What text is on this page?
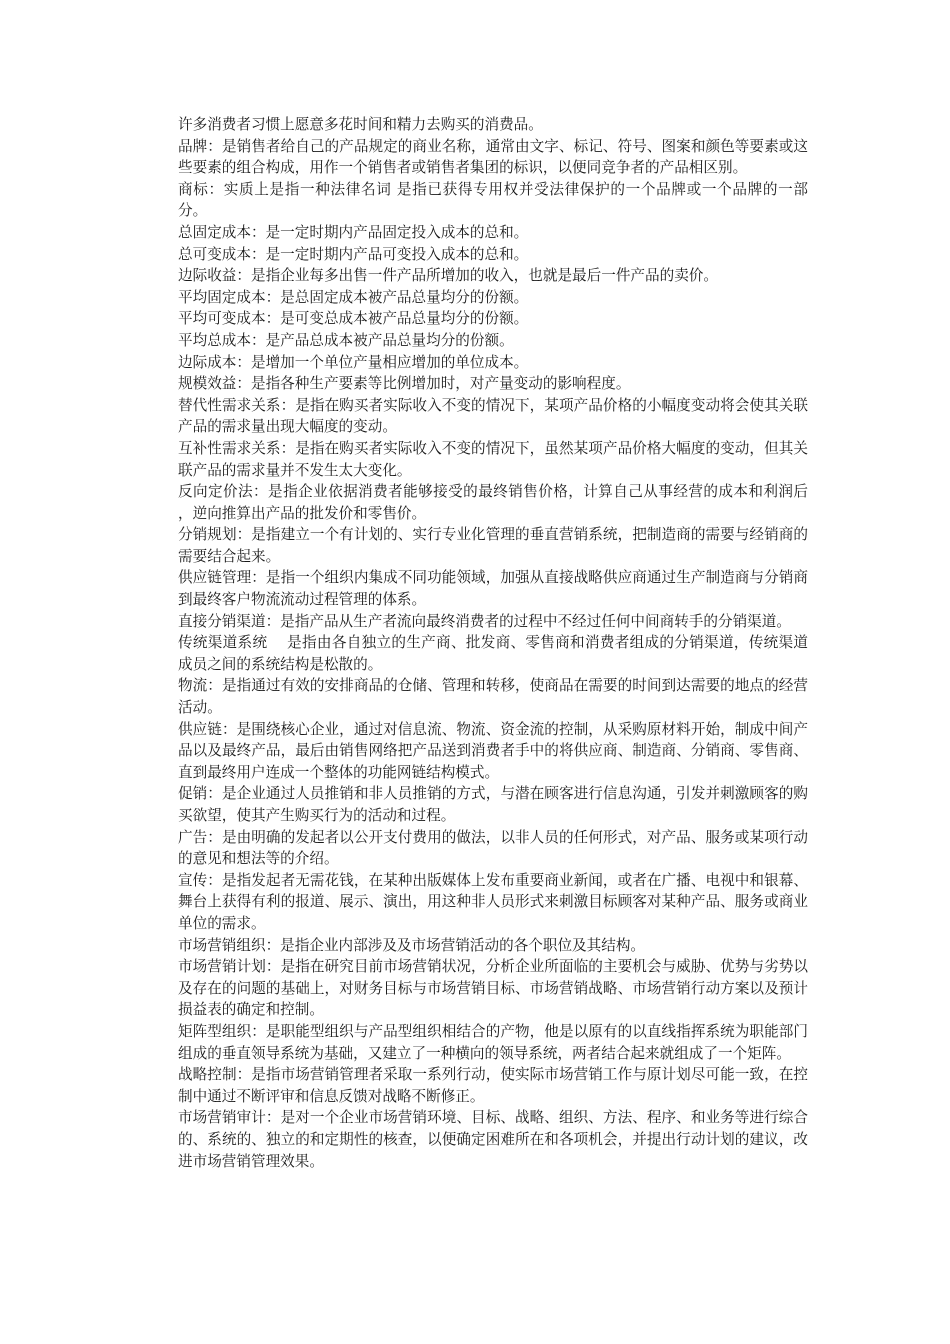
许多消费者习惯上愿意多花时间和精力去购买的消费品。

品牌：是销售者给自己的产品规定的商业名称，通常由文字、标记、符号、图案和颜色等要素或这些要素的组合构成，用作一个销售者或销售者集团的标识，以便同竞争者的产品相区别。

商标：实质上是指一种法律名词 是指已获得专用权并受法律保护的一个品牌或一个品牌的一部分。

总固定成本：是一定时期内产品固定投入成本的总和。

总可变成本：是一定时期内产品可变投入成本的总和。

边际收益：是指企业每多出售一件产品所增加的收入，也就是最后一件产品的卖价。

平均固定成本：是总固定成本被产品总量均分的份额。

平均可变成本：是可变总成本被产品总量均分的份额。

平均总成本：是产品总成本被产品总量均分的份额。

边际成本：是增加一个单位产量相应增加的单位成本。

规模效益：是指各种生产要素等比例增加时，对产量变动的影响程度。

替代性需求关系：是指在购买者实际收入不变的情况下，某项产品价格的小幅度变动将会使其关联产品的需求量出现大幅度的变动。

互补性需求关系：是指在购买者实际收入不变的情况下，虽然某项产品价格大幅度的变动，但其关联产品的需求量并不发生太大变化。

反向定价法：是指企业依据消费者能够接受的最终销售价格，计算自己从事经营的成本和利润后 ，逆向推算出产品的批发价和零售价。

分销规划：是指建立一个有计划的、实行专业化管理的垂直营销系统，把制造商的需要与经销商的需要结合起来。

供应链管理：是指一个组织内集成不同功能领域，加强从直接战略供应商通过生产制造商与分销商到最终客户物流流动过程管理的体系。

直接分销渠道：是指产品从生产者流向最终消费者的过程中不经过任何中间商转手的分销渠道。

传统渠道系统　 是指由各自独立的生产商、批发商、零售商和消费者组成的分销渠道，传统渠道成员之间的系统结构是松散的。

物流：是指通过有效的安排商品的仓储、管理和转移，使商品在需要的时间到达需要的地点的经营活动。

供应链：是围绕核心企业，通过对信息流、物流、资金流的控制，从采购原材料开始，制成中间产品以及最终产品，最后由销售网络把产品送到消费者手中的将供应商、制造商、分销商、零售商、直到最终用户连成一个整体的功能网链结构模式。

促销：是企业通过人员推销和非人员推销的方式，与潜在顾客进行信息沟通，引发并刺激顾客的购买欲望，使其产生购买行为的活动和过程。

广告：是由明确的发起者以公开支付费用的做法，以非人员的任何形式，对产品、服务或某项行动的意见和想法等的介绍。

宣传：是指发起者无需花钱，在某种出版媒体上发布重要商业新闻，或者在广播、电视中和银幕、舞台上获得有利的报道、展示、演出，用这种非人员形式来刺激目标顾客对某种产品、服务或商业单位的需求。

市场营销组织：是指企业内部涉及及市场营销活动的各个职位及其结构。

市场营销计划：是指在研究目前市场营销状况，分析企业所面临的主要机会与威胁、优势与劣势以及存在的问题的基础上，对财务目标与市场营销目标、市场营销战略、市场营销行动方案以及预计损益表的确定和控制。

矩阵型组织：是职能型组织与产品型组织相结合的产物，他是以原有的以直线指挥系统为职能部门组成的垂直领导系统为基础，又建立了一种横向的领导系统，两者结合起来就组成了一个矩阵。

战略控制：是指市场营销管理者采取一系列行动，使实际市场营销工作与原计划尽可能一致，在控制中通过不断评审和信息反馈对战略不断修正。

市场营销审计：是对一个企业市场营销环境、目标、战略、组织、方法、程序、和业务等进行综合的、系统的、独立的和定期性的核查，以便确定困难所在和各项机会，并提出行动计划的建议，改进市场营销管理效果。
